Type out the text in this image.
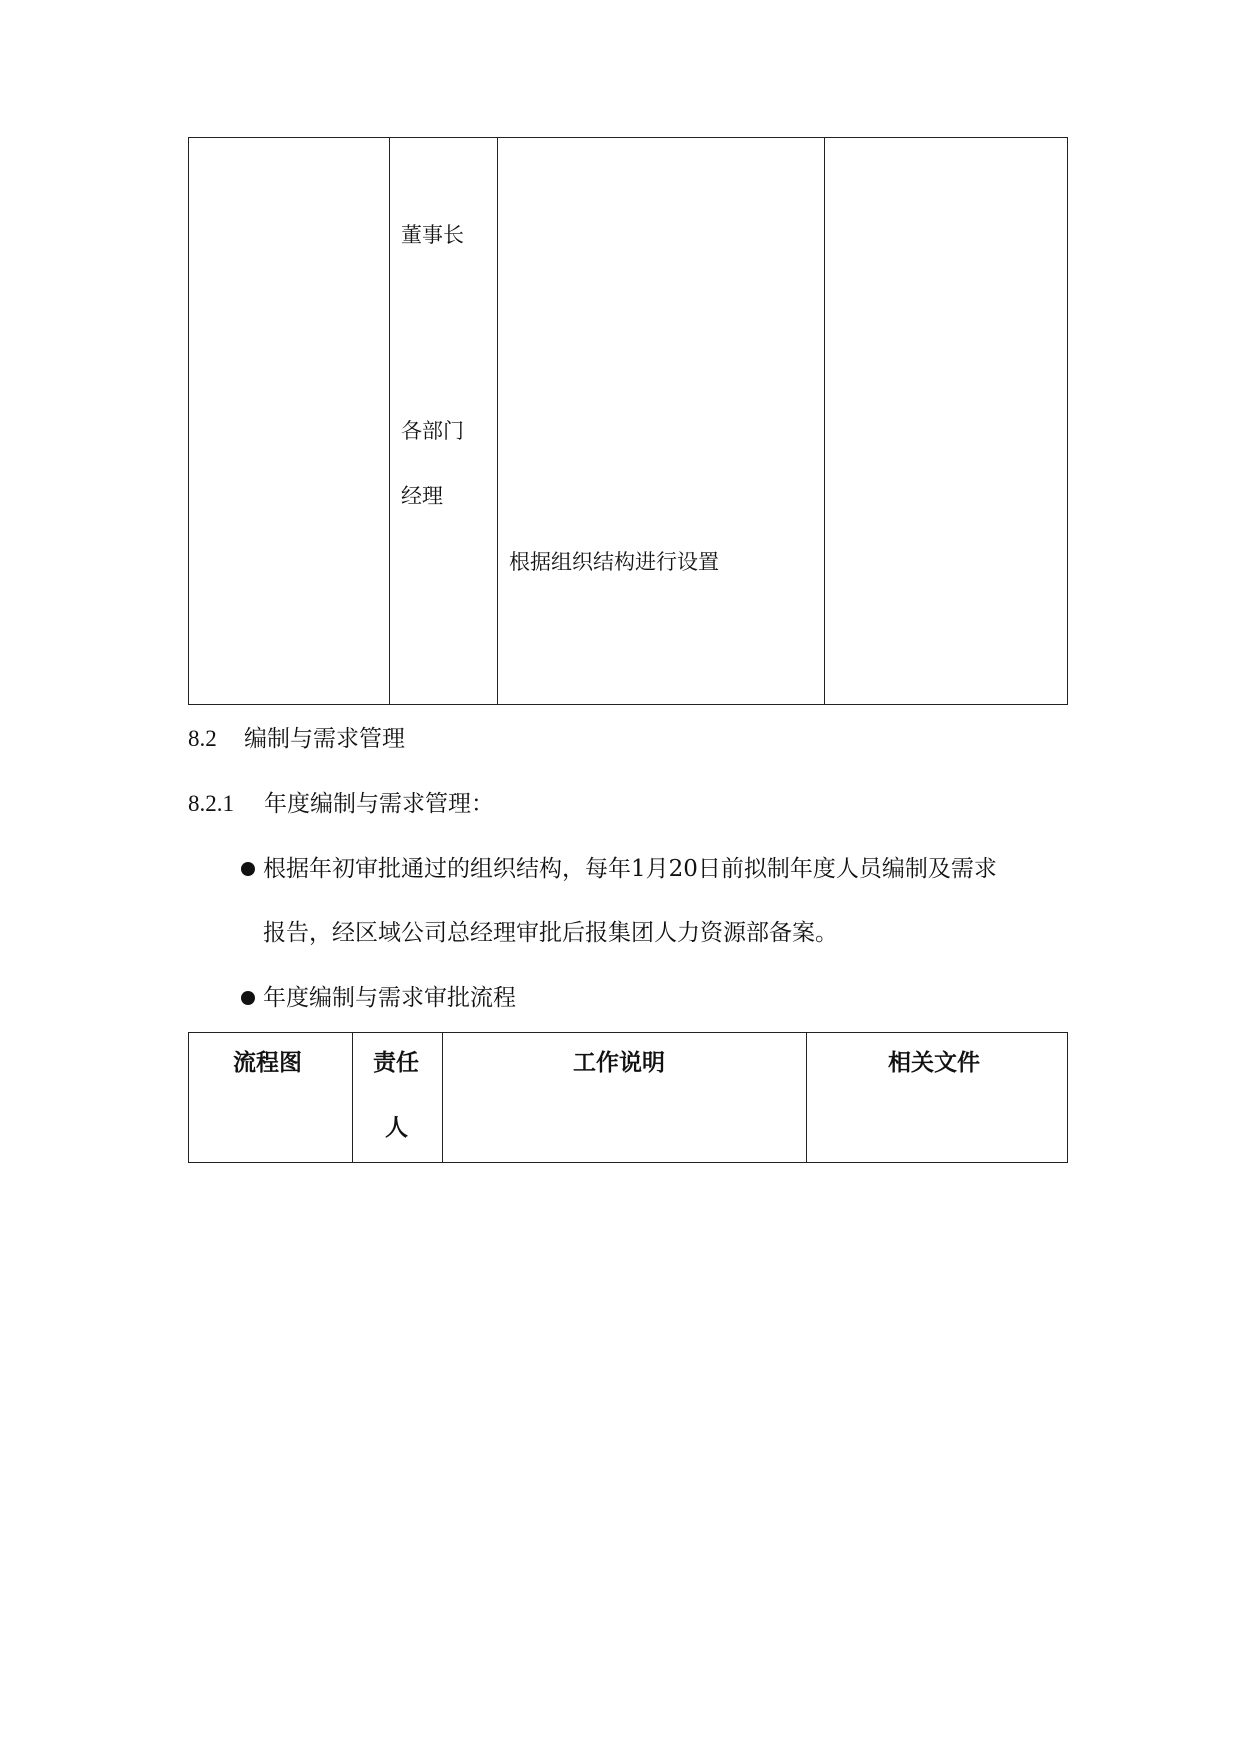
董事长
各部门
经理
根据组织结构进行设置
8.2 编制与需求管理
8.2.1 年度编制与需求管理：
根据年初审批通过的组织结构，每年1月20日前拟制年度人员编制及需求
报告，经区域公司总经理审批后报集团人力资源部备案。
年度编制与需求审批流程
流程图	责任
人
工作说明	相关文件
